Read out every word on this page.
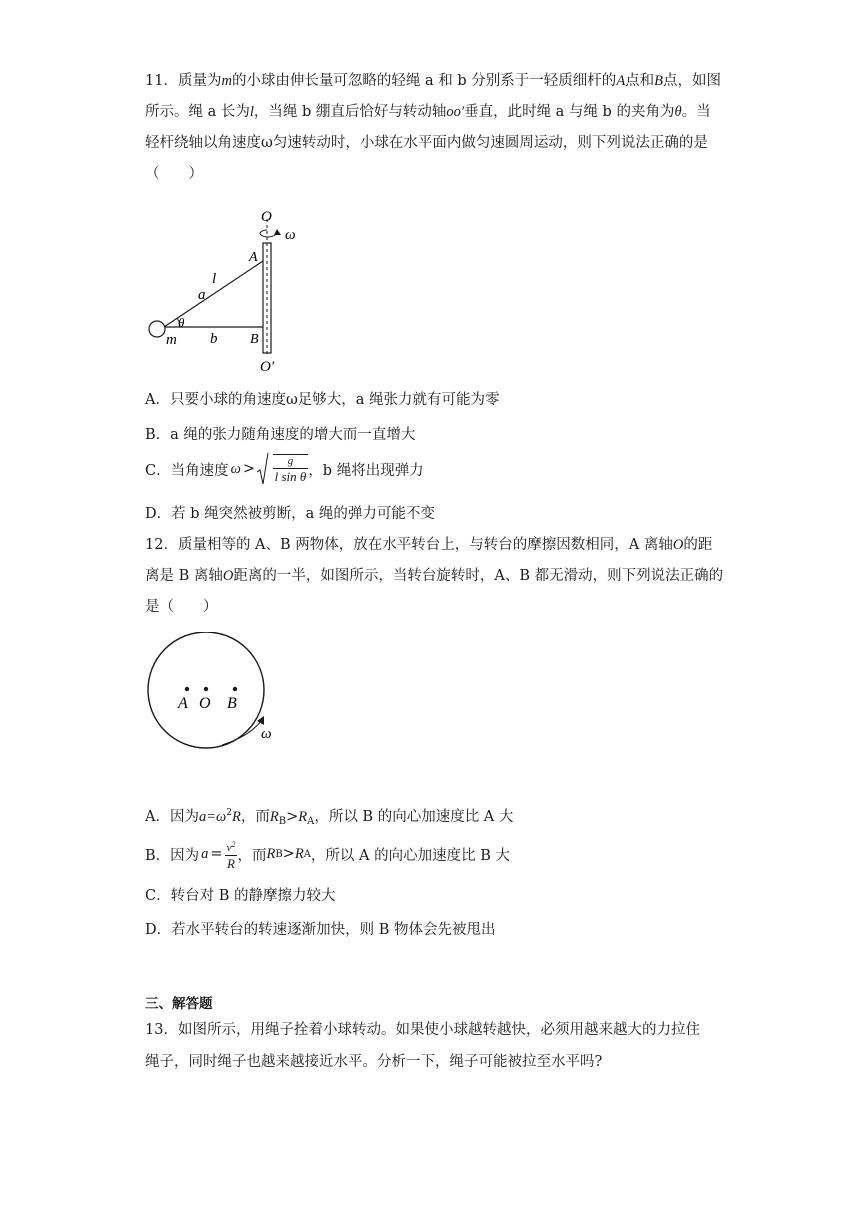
11．质量为m的小球由伸长量可忽略的轻绳 a 和 b 分别系于一轻质细杆的A点和B点，如图所示。绳 a 长为l，当绳 b 绷直后恰好与转动轴oo′垂直，此时绳 a 与绳 b 的夹角为θ。当轻杆绕轴以角速度ω匀速转动时，小球在水平面内做匀速圆周运动，则下列说法正确的是（　　）

O
ω
A
l
a
θ
m b B
O′
A．只要小球的角速度ω足够大，a 绳张力就有可能为零
B．a 绳的张力随角速度的增大而一直增大
C．当角速度 ω >
$\frac{g}{\text{l sin θ}}$ ，b 绳将出现弹力
D．若 b 绳突然被剪断，a 绳的弹力可能不变

12．质量相等的 A、B 两物体，放在水平转台上，与转台的摩擦因数相同，A 离轴O的距离是 B 离轴O距离的一半，如图所示，当转台旋转时，A、B 都无滑动，则下列说法正确的是（　　）

A O B
ω
A．因为$a=\omega^2R$，而$R_B>R_A$，所以 B 的向心加速度比 A 大
B．因为 $a = \frac{v^2}{R}$ ，而 R B > R A ，所以 A 的向心加速度比 B 大
C．转台对 B 的静摩擦力较大
D．若水平转台的转速逐渐加快，则 B 物体会先被甩出
三、解答题
13．如图所示，用绳子拴着小球转动。如果使小球越转越快，必须用越来越大的力拉住
绳子，同时绳子也越来越接近水平。分析一下，绳子可能被拉至水平吗?
